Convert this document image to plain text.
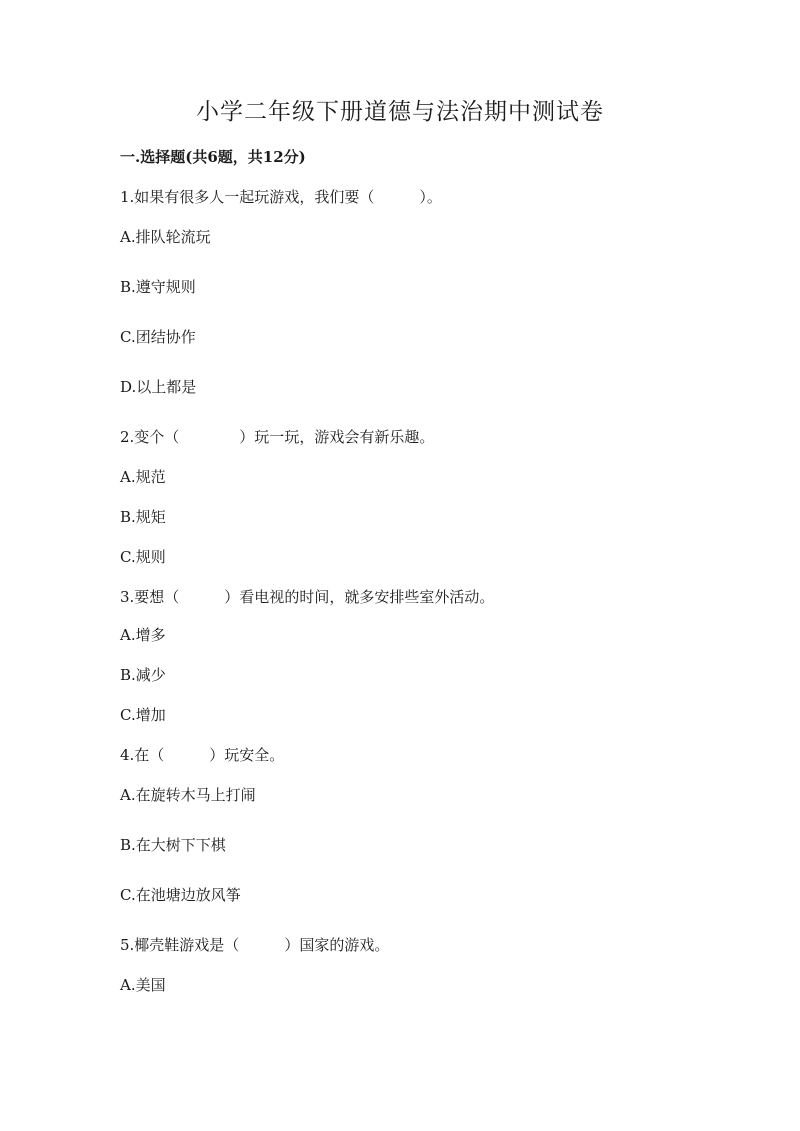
小学二年级下册道德与法治期中测试卷
一.选择题(共6题，共12分)
1.如果有很多人一起玩游戏，我们要（　　　）。
A.排队轮流玩
B.遵守规则
C.团结协作
D.以上都是
2.变个（　　　　）玩一玩，游戏会有新乐趣。
A.规范
B.规矩
C.规则
3.要想（　　　）看电视的时间，就多安排些室外活动。
A.增多
B.减少
C.增加
4.在（　　　）玩安全。
A.在旋转木马上打闹
B.在大树下下棋
C.在池塘边放风筝
5.椰壳鞋游戏是（　　　）国家的游戏。
A.美国
